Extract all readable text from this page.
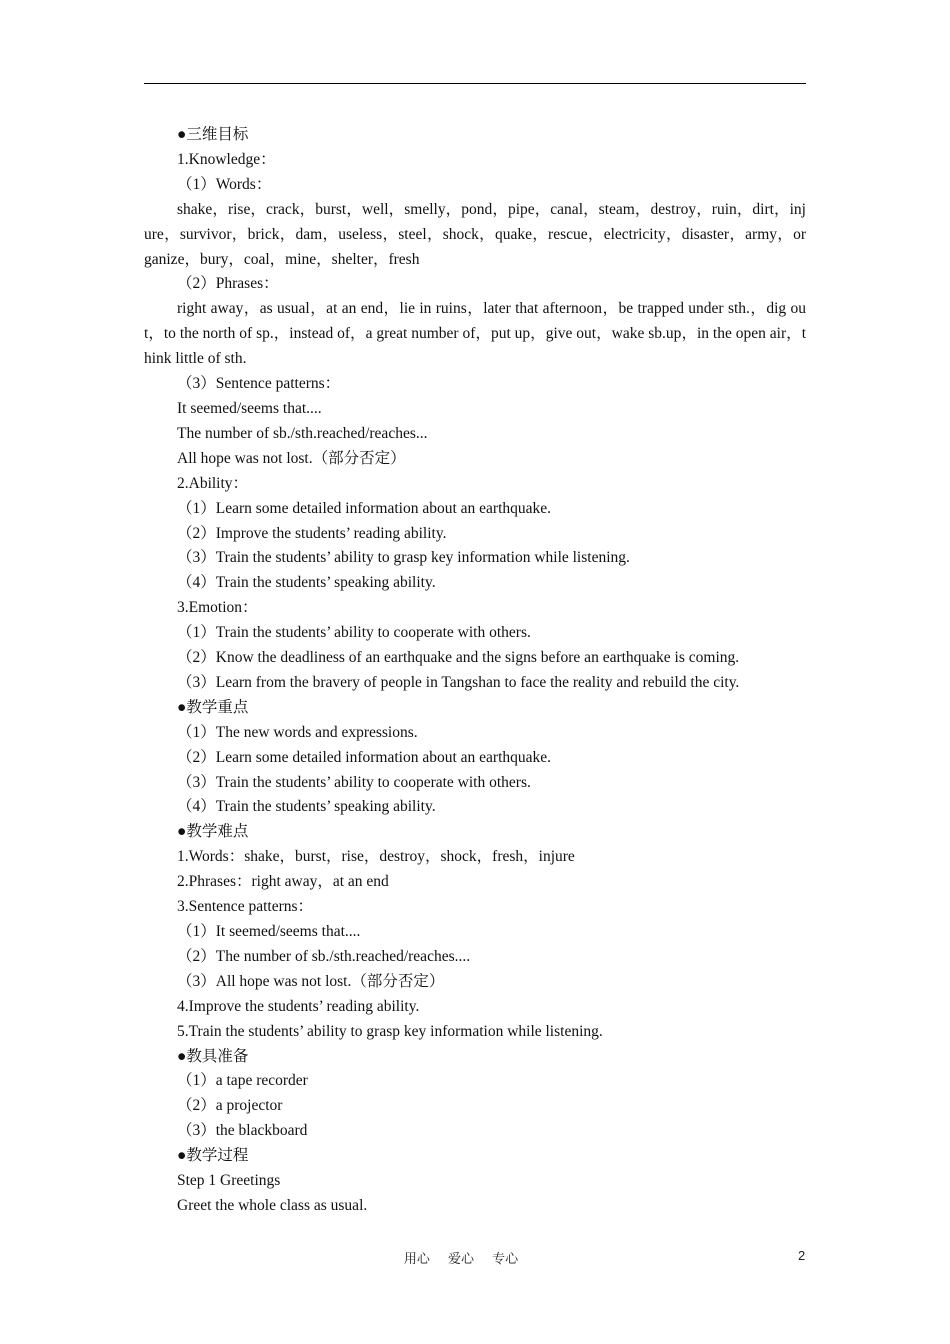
●三维目标

1.Knowledge：

（1）Words：

shake，rise，crack，burst，well，smelly，pond，pipe，canal，steam，destroy，ruin，dirt，injure，survivor，brick，dam，useless，steel，shock，quake，rescue，electricity，disaster，army，organize，bury，coal，mine，shelter，fresh

（2）Phrases：

right away，as usual，at an end，lie in ruins，later that afternoon，be trapped under sth.，dig out，to the north of sp.，instead of，a great number of，put up，give out，wake sb.up，in the open air，think little of sth.

（3）Sentence patterns：

It seemed/seems that....

The number of sb./sth.reached/reaches...

All hope was not lost.（部分否定）

2.Ability：

（1）Learn some detailed information about an earthquake.

（2）Improve the students’ reading ability.

（3）Train the students’ ability to grasp key information while listening.

（4）Train the students’ speaking ability.

3.Emotion：

（1）Train the students’ ability to cooperate with others.

（2）Know the deadliness of an earthquake and the signs before an earthquake is coming.

（3）Learn from the bravery of people in Tangshan to face the reality and rebuild the city.

●教学重点

（1）The new words and expressions.

（2）Learn some detailed information about an earthquake.

（3）Train the students’ ability to cooperate with others.

（4）Train the students’ speaking ability.

●教学难点

1.Words：shake，burst，rise，destroy，shock，fresh，injure

2.Phrases：right away，at an end

3.Sentence patterns：

（1）It seemed/seems that....

（2）The number of sb./sth.reached/reaches....

（3）All hope was not lost.（部分否定）

4.Improve the students’ reading ability.

5.Train the students’ ability to grasp key information while listening.

●教具准备

（1）a tape recorder

（2）a projector

（3）the blackboard

●教学过程

Step 1 Greetings

Greet the whole class as usual.

用心 爱心 专心	2
